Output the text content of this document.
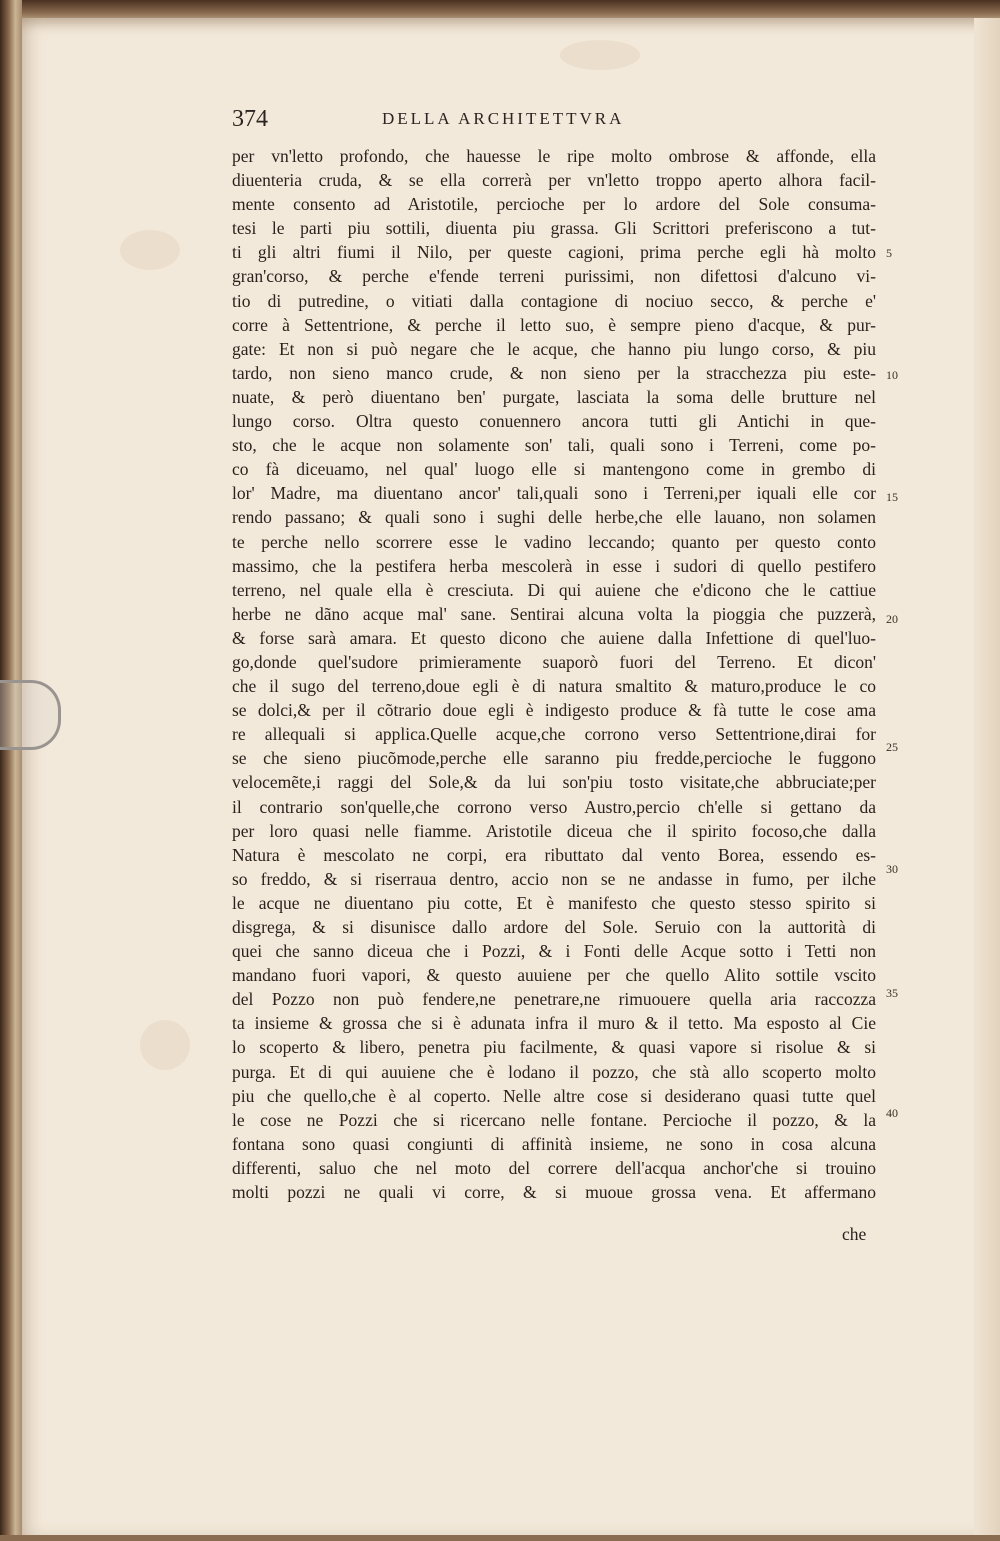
374	DELLA ARCHITETTVRA
per vn'letto profondo, che hauesse le ripe molto ombrose & affonde, ella
diuenteria cruda, & se ella correrà per vn'letto troppo aperto alhora facil-
mente consento ad Aristotile, percioche per lo ardore del Sole consuma-
tesi le parti piu sottili, diuenta piu grassa. Gli Scrittori preferiscono a tut-
ti gli altri fiumi il Nilo, per queste cagioni, prima perche egli hà molto
gran'corso, & perche e'fende terreni purissimi, non difettosi d'alcuno vi-
tio di putredine, o vitiati dalla contagione di nociuo secco, & perche e'
corre à Settentrione, & perche il letto suo, è sempre pieno d'acque, & pur-
gate: Et non si può negare che le acque, che hanno piu lungo corso, & piu
tardo, non sieno manco crude, & non sieno per la stracchezza piu este-
nuate, & però diuentano ben' purgate, lasciata la soma delle brutture nel
lungo corso. Oltra questo conuennero ancora tutti gli Antichi in que-
sto, che le acque non solamente son' tali, quali sono i Terreni, come po-
co fà diceuamo, nel qual' luogo elle si mantengono come in grembo di
lor' Madre, ma diuentano ancor' tali,quali sono i Terreni,per iquali elle cor
rendo passano; & quali sono i sughi delle herbe,che elle lauano, non solamen
te perche nello scorrere esse le vadino leccando; quanto per questo conto
massimo, che la pestifera herba mescolerà in esse i sudori di quello pestifero
terreno, nel quale ella è cresciuta. Di qui auiene che e'dicono che le cattiue
herbe ne dãno acque mal' sane. Sentirai alcuna volta la pioggia che puzzerà,
& forse sarà amara. Et questo dicono che auiene dalla Infettione di quel'luo-
go,donde quel'sudore primieramente suaporò fuori del Terreno. Et dicon'
che il sugo del terreno,doue egli è di natura smaltito & maturo,produce le co
se dolci,& per il cõtrario doue egli è indigesto produce & fà tutte le cose ama
re allequali si applica.Quelle acque,che corrono verso Settentrione,dirai for
se che sieno piucõmode,perche elle saranno piu fredde,percioche le fuggono
velocemẽte,i raggi del Sole,& da lui son'piu tosto visitate,che abbruciate;per
il contrario son'quelle,che corrono verso Austro,percio ch'elle si gettano da
per loro quasi nelle fiamme. Aristotile diceua che il spirito focoso,che dalla
Natura è mescolato ne corpi, era ributtato dal vento Borea, essendo es-
so freddo, & si riserraua dentro, accio non se ne andasse in fumo, per ilche
le acque ne diuentano piu cotte, Et è manifesto che questo stesso spirito si
disgrega, & si disunisce dallo ardore del Sole. Seruio con la auttorità di
quei che sanno diceua che i Pozzi, & i Fonti delle Acque sotto i Tetti non
mandano fuori vapori, & questo auuiene per che quello Alito sottile vscito
del Pozzo non può fendere,ne penetrare,ne rimuouere quella aria raccozza
ta insieme & grossa che si è adunata infra il muro & il tetto. Ma esposto al Cie
lo scoperto & libero, penetra piu facilmente, & quasi vapore si risolue & si
purga. Et di qui auuiene che è lodano il pozzo, che stà allo scoperto molto
piu che quello,che è al coperto. Nelle altre cose si desiderano quasi tutte quel
le cose ne Pozzi che si ricercano nelle fontane. Percioche il pozzo, & la
fontana sono quasi congiunti di affinità insieme, ne sono in cosa alcuna
differenti, saluo che nel moto del correre dell'acqua anchor'che si trouino
molti pozzi ne quali vi corre, & si muoue grossa vena. Et affermano
che
5
10
15
20
25
30
35
40
